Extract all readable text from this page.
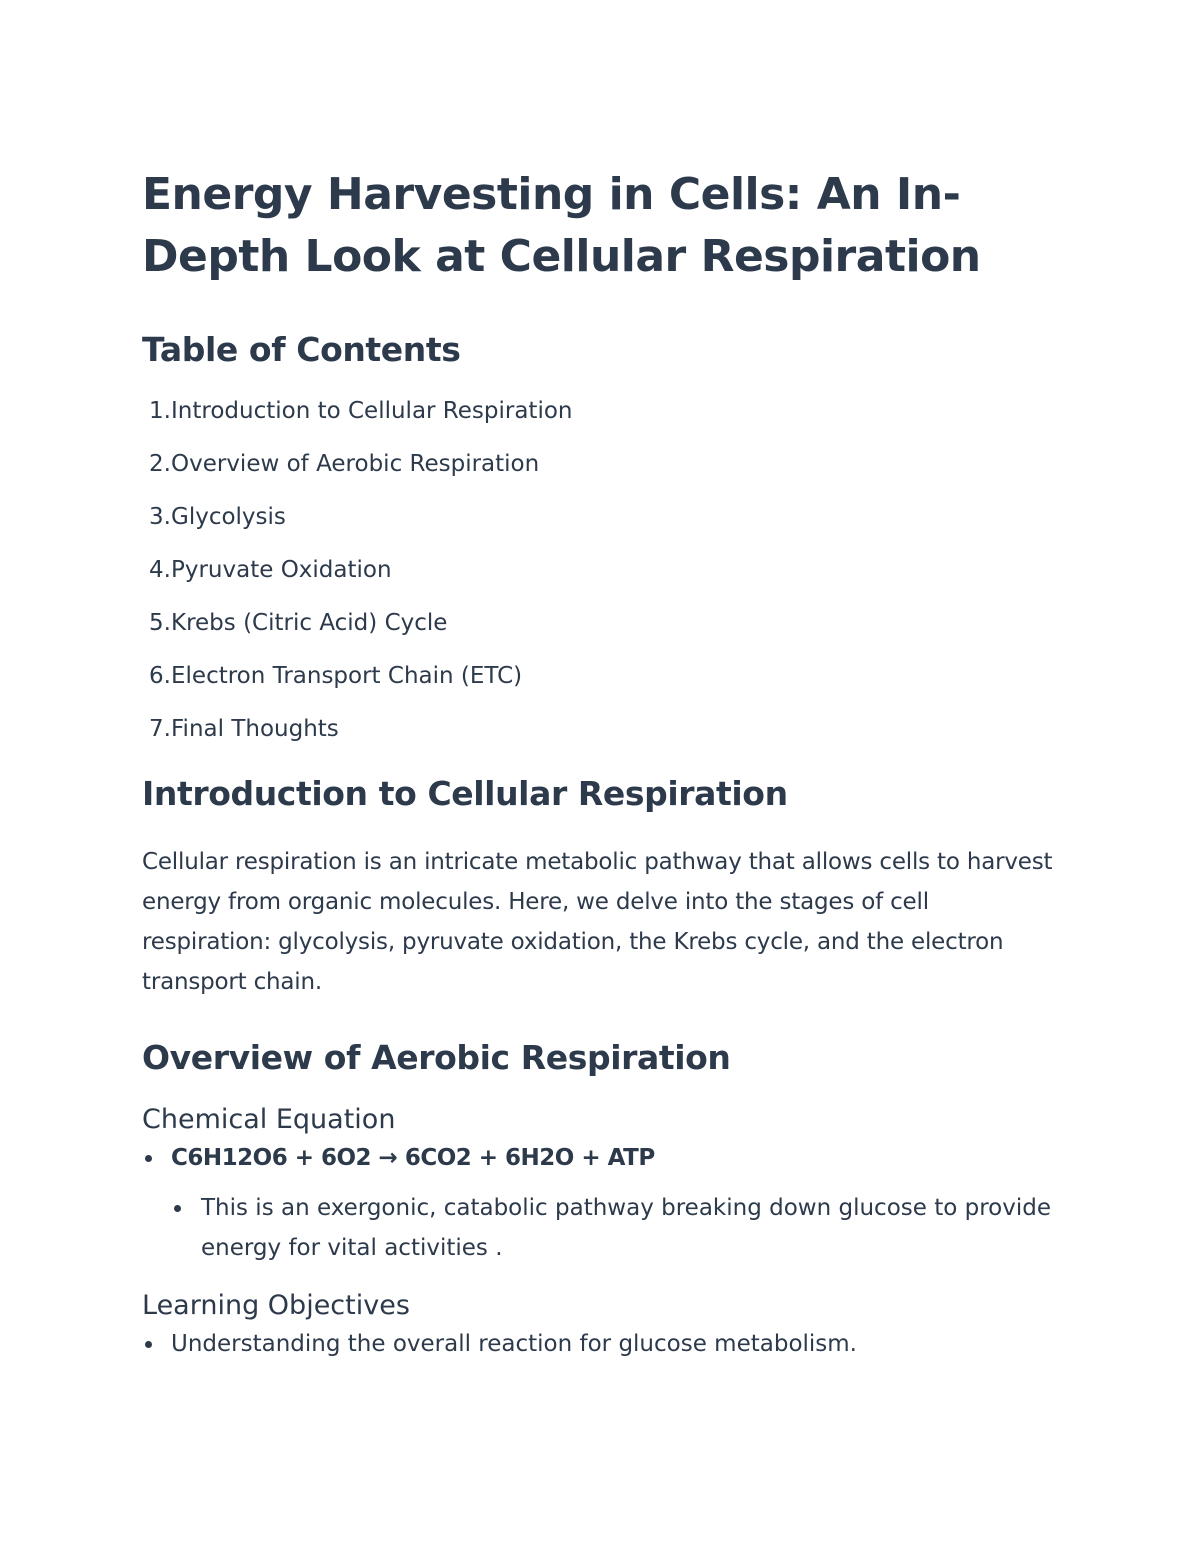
Energy Harvesting in Cells: An In-Depth Look at Cellular Respiration
Table of Contents
1. Introduction to Cellular Respiration
2. Overview of Aerobic Respiration
3. Glycolysis
4. Pyruvate Oxidation
5. Krebs (Citric Acid) Cycle
6. Electron Transport Chain (ETC)
7. Final Thoughts
Introduction to Cellular Respiration

Cellular respiration is an intricate metabolic pathway that allows cells to harvest energy from organic molecules. Here, we delve into the stages of cell respiration: glycolysis, pyruvate oxidation, the Krebs cycle, and the electron transport chain.

Overview of Aerobic Respiration
Chemical Equation
C6H12O6 + 6O2 → 6CO2 + 6H2O + ATP
This is an exergonic, catabolic pathway breaking down glucose to provide energy for vital activities .
Learning Objectives
Understanding the overall reaction for glucose metabolism.
